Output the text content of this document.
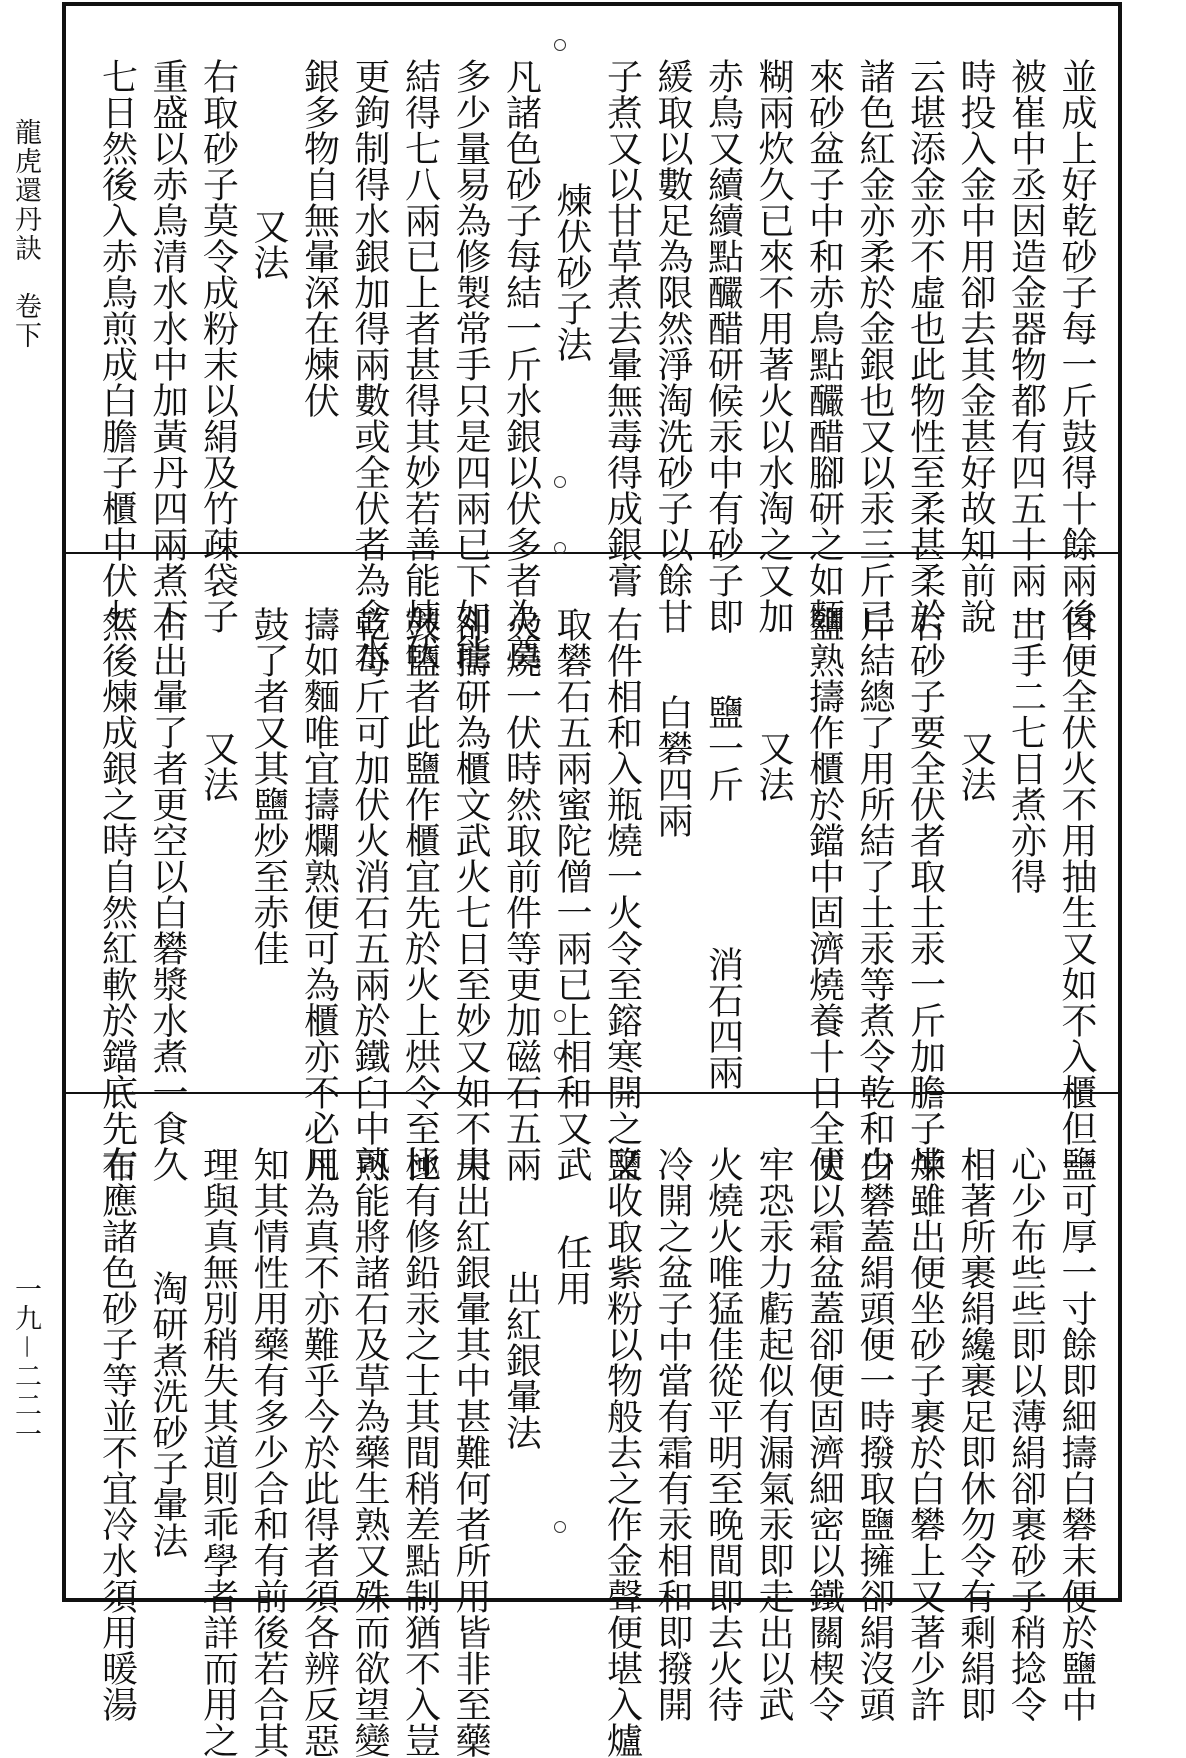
龍虎還丹訣　卷下
一九－二二一
並成上好乾砂子每一斤鼓得十餘兩後
被崔中丞因造金器物都有四五十兩一
時投入金中用卻去其金甚好故知前說
云堪添金亦不虛也此物性至柔甚柔於
諸色紅金亦柔於金銀也又以汞三斤已
來砂盆子中和赤鳥點釅醋腳研之如麵
糊兩炊久已來不用著火以水淘之又加
赤鳥又續續點釅醋研候汞中有砂子即
緩取以數足為限然淨淘洗砂子以餘甘
子煮又以甘草煮去暈無毒得成銀膏
煉伏砂子法
凡諸色砂子每結一斤水銀以伏多者為奠
多少量易為修製常手只是四兩已下如能
結得七八兩已上者甚得其妙若善能煉伏
更鉤制得水銀加得兩數或全伏者為含水
銀多物自無暈深在煉伏
又法
右取砂子莫令成粉末以絹及竹疎袋子
重盛以赤鳥清水水中加黃丹四兩煮下
七日然後入赤鳥煎成白膽子櫃中伏七
日便全伏火不用抽生又如不入櫃但一
出手二七日煮亦得
又法
右砂子要全伏者取土汞一斤加膽子半
斤結總了用所結了土汞等煮令乾和少
鹽熟擣作櫃於鐺中固濟燒養十日全伏
又法
鹽一斤　　　　消石四兩
白礬四兩
右件相和入瓶燒一火令至鎔寒開之又
取礬石五兩蜜陀僧一兩已上相和又武
火燒一伏時然取前件等更加磁石五兩
卻擣研為櫃文武火七日至妙又如不用
鼓鹽者此鹽作櫃宜先於火上烘令至極
乾每斤可加伏火消石五兩於鐵臼中熟
擣如麵唯宜擣爛熟便可為櫃亦不必用
鼓了者又其鹽炒至赤佳
又法
右出暈了者更空以白礬漿水煮一食久
然後煉成銀之時自然紅軟於鐺底先布
鹽可厚一寸餘即細擣白礬末便於鹽中
心少布些些即以薄絹卻裹砂子稍捻令
相著所裹絹纔裹足即休勿令有剩絹即
煉雖出便坐砂子裹於白礬上又著少許
白礬蓋絹頭便一時撥取鹽擁卻絹沒頭
便以霜盆蓋卻便固濟細密以鐵關楔令
牢恐汞力虧起似有漏氣汞即走出以武
火燒火唯猛佳從平明至晚間即去火待
冷開之盆子中當有霜有汞相和即撥開
鹽收取紫粉以物般去之作金聲便堪入爐
任用
出紅銀暈法
夫出紅銀暈其中甚難何者所用皆非至藥
比有修鉛汞之士其間稍差點制猶不入豈
可能將諸石及草為藥生熟又殊而欲望變
凡為真不亦難乎今於此得者須各辨反惡
知其情性用藥有多少合和有前後若合其
理與真無別稍失其道則乖學者詳而用之
淘研煮洗砂子暈法
右應諸色砂子等並不宜冷水須用暖湯
